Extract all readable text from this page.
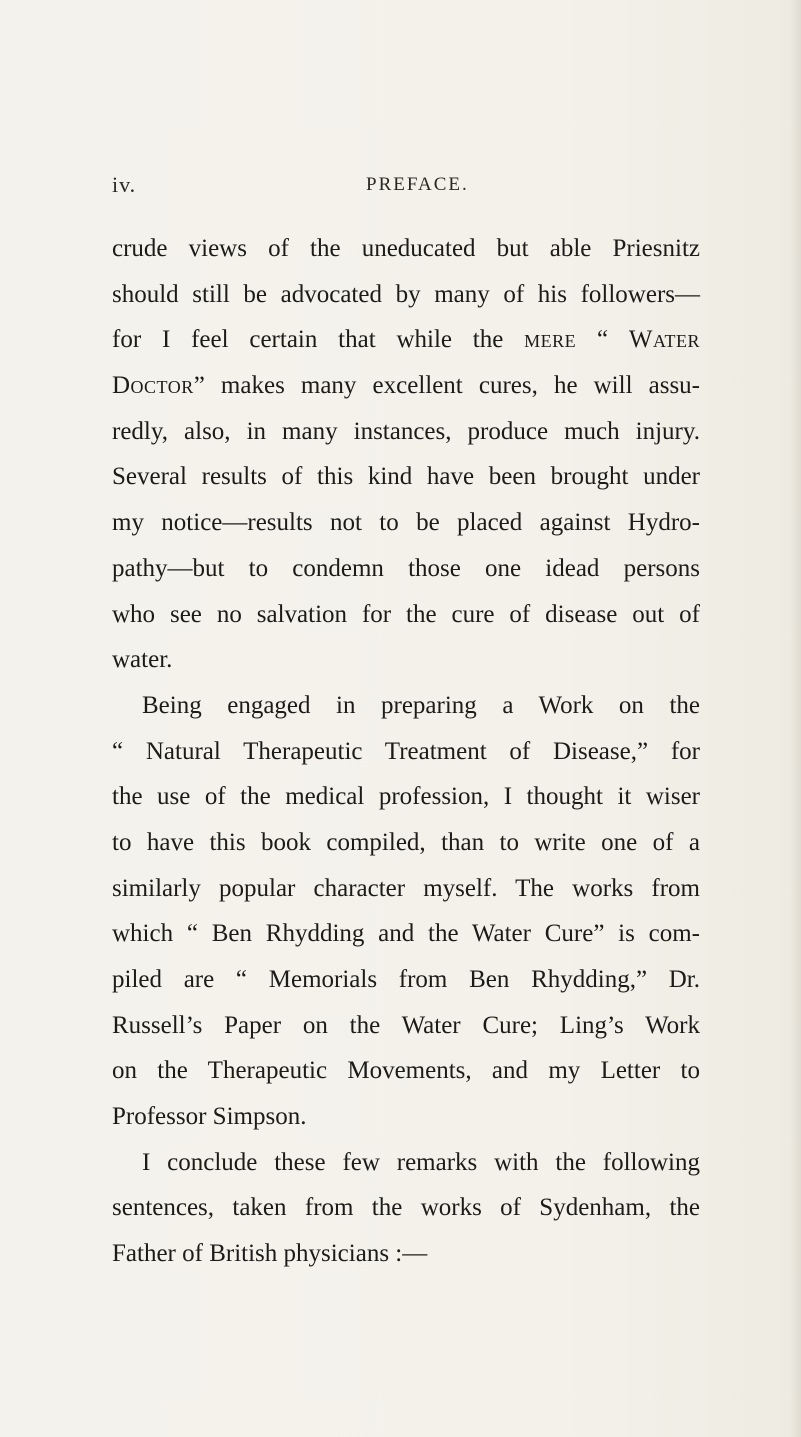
iv.	PREFACE.
crude views of the uneducated but able Priesnitz
should still be advocated by many of his followers—
for I feel certain that while the mere “ Water
Doctor” makes many excellent cures, he will assu-
redly, also, in many instances, produce much injury.
Several results of this kind have been brought under
my notice—results not to be placed against Hydro-
pathy—but to condemn those one idead persons
who see no salvation for the cure of disease out of
water.
Being engaged in preparing a Work on the
“ Natural Therapeutic Treatment of Disease,” for
the use of the medical profession, I thought it wiser
to have this book compiled, than to write one of a
similarly popular character myself. The works from
which “ Ben Rhydding and the Water Cure” is com-
piled are “ Memorials from Ben Rhydding,” Dr.
Russell’s Paper on the Water Cure; Ling’s Work
on the Therapeutic Movements, and my Letter to
Professor Simpson.
I conclude these few remarks with the following
sentences, taken from the works of Sydenham, the
Father of British physicians :—
